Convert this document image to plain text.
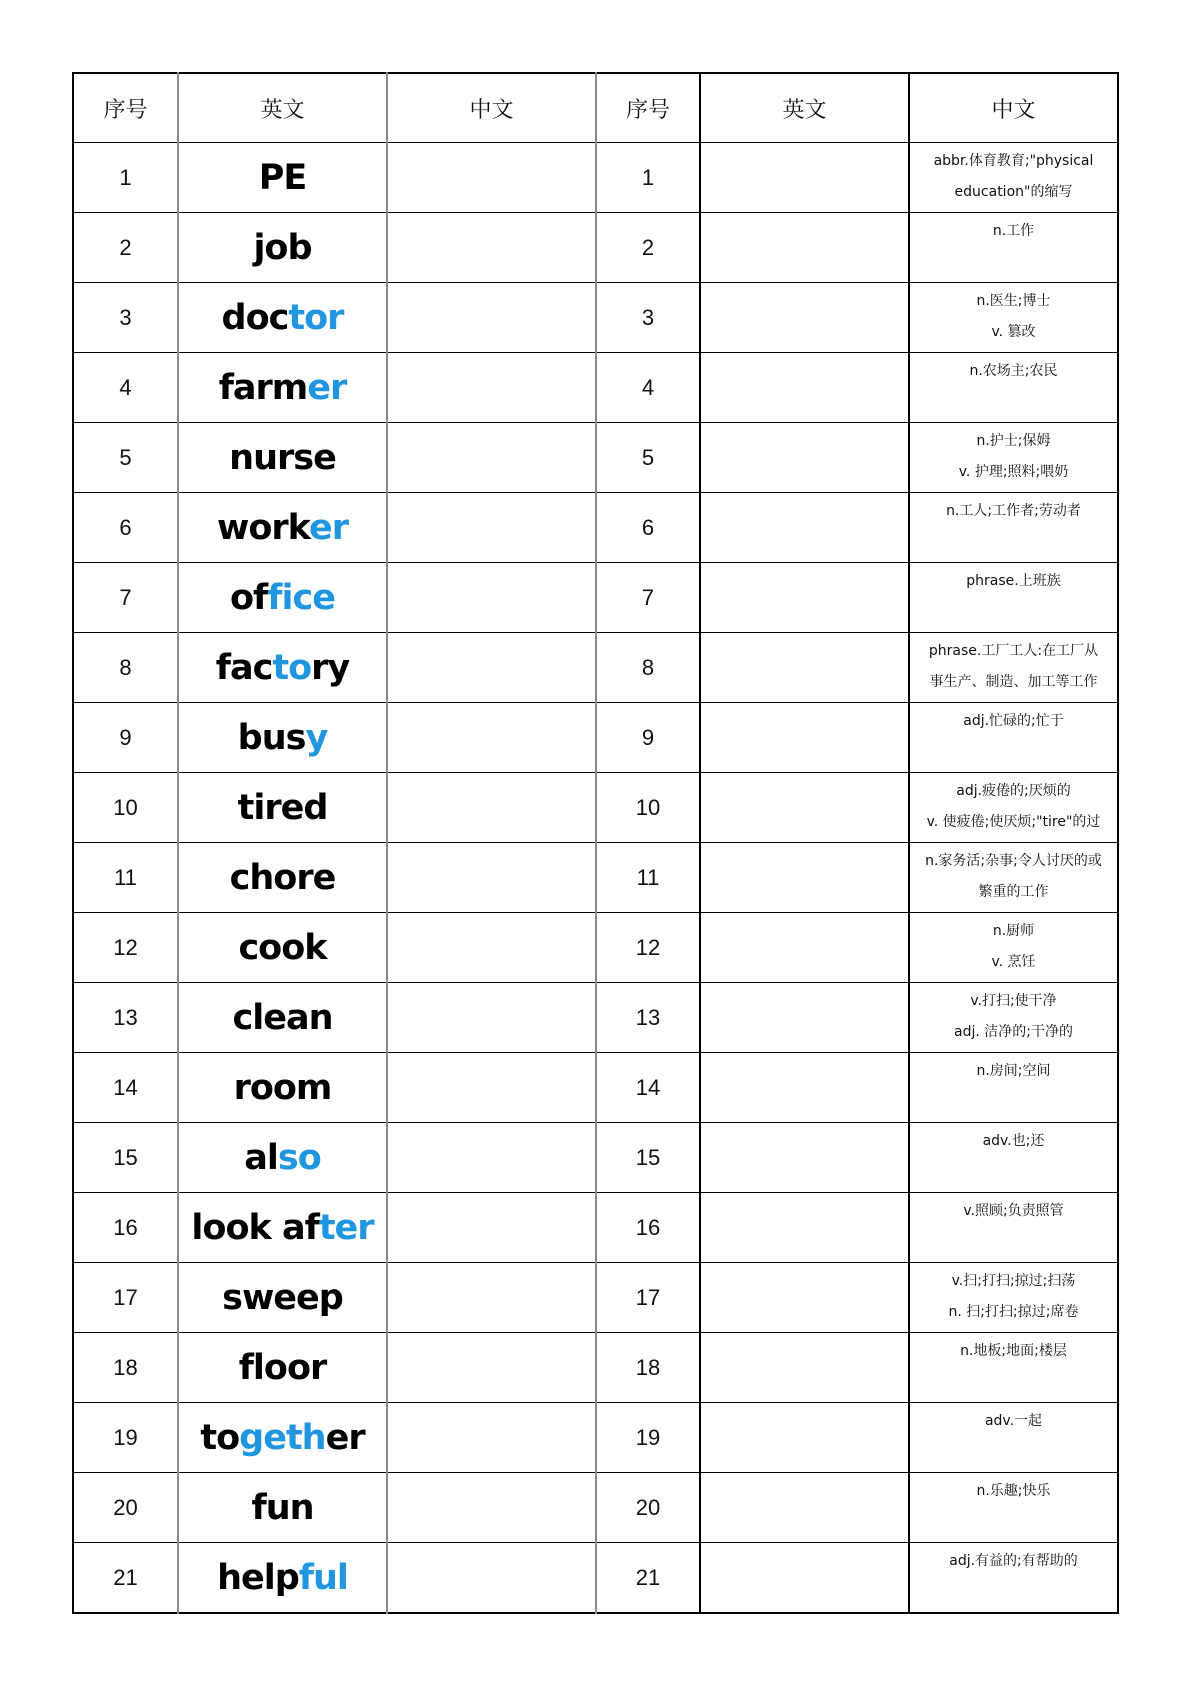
序号	英文	中文	序号	英文	中文
1	PE		1		abbr.体育教育;"physical
education"的缩写

2	job		2		n.工作

3	doctor		3		n.医生;博士
v. 篡改

4	farmer		4		n.农场主;农民

5	nurse		5		n.护士;保姆
v. 护理;照料;喂奶

6	worker		6		n.工人;工作者;劳动者

7	office		7		phrase.上班族

8	factory		8		phrase.工厂工人:在工厂从
事生产、制造、加工等工作

9	busy		9		adj.忙碌的;忙于

10	tired		10		adj.疲倦的;厌烦的
v. 使疲倦;使厌烦;"tire"的过

11	chore		11		n.家务活;杂事;令人讨厌的或
繁重的工作

12	cook		12		n.厨师
v. 烹饪

13	clean		13		v.打扫;使干净
adj. 洁净的;干净的

14	room		14		n.房间;空间

15	also		15		adv.也;还

16	look after		16		v.照顾;负责照管

17	sweep		17		v.扫;打扫;掠过;扫荡
n. 扫;打扫;掠过;席卷

18	floor		18		n.地板;地面;楼层

19	together		19		adv.一起

20	fun		20		n.乐趣;快乐

21	helpful		21		adj.有益的;有帮助的
